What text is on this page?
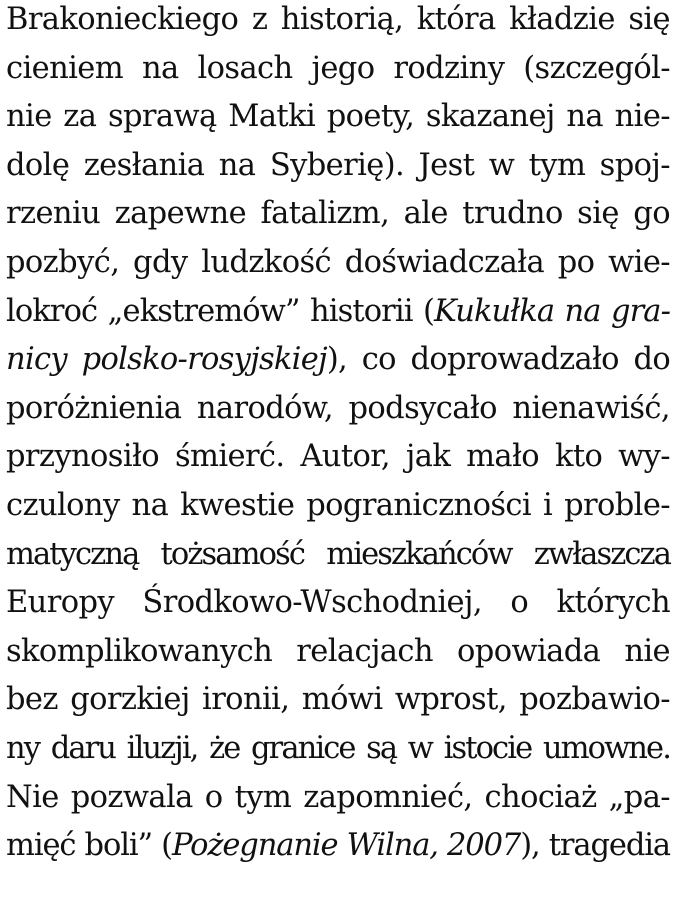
Brakonieckiego z historią, która kładzie się
cieniem na losach jego rodziny (szczegól-
nie za sprawą Matki poety, skazanej na nie-
dolę zesłania na Syberię). Jest w tym spoj-
rzeniu zapewne fatalizm, ale trudno się go
pozbyć, gdy ludzkość doświadczała po wie-
lokroć „ekstremów” historii (Kukułka na gra-
nicy polsko-rosyjskiej), co doprowadzało do
poróżnienia narodów, podsycało nienawiść,
przynosiło śmierć. Autor, jak mało kto wy-
czulony na kwestie pograniczności i proble-
matyczną tożsamość mieszkańców zwłaszcza
Europy Środkowo-Wschodniej, o których
skomplikowanych relacjach opowiada nie
bez gorzkiej ironii, mówi wprost, pozbawio-
ny daru iluzji, że granice są w istocie umowne.
Nie pozwala o tym zapomnieć, chociaż „pa-
mięć boli” (Pożegnanie Wilna, 2007), tragedia
